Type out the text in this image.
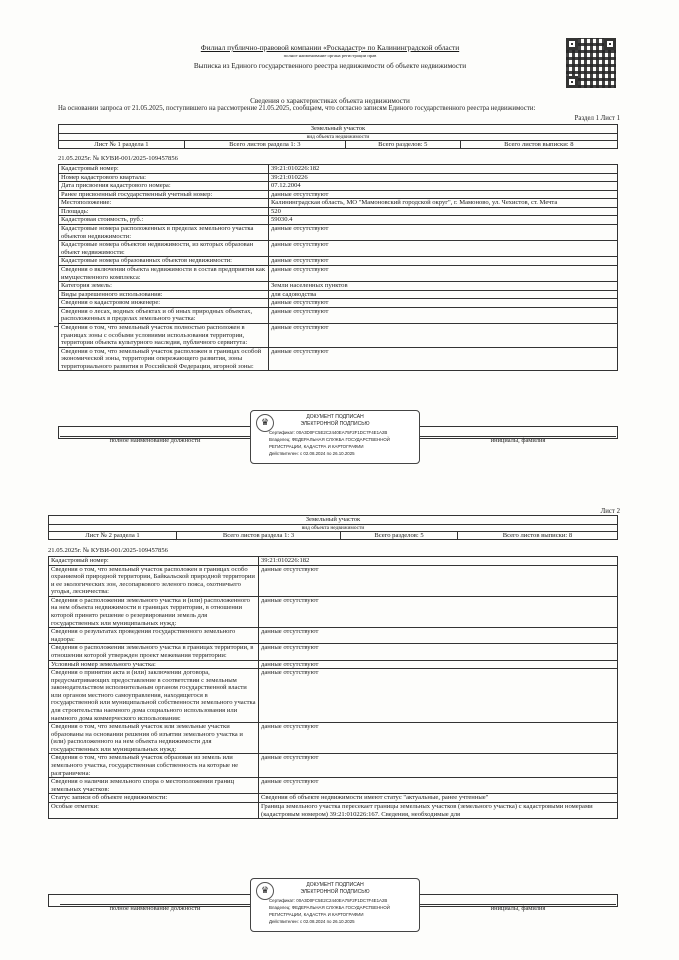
Филиал публично-правовой компании «Роскадастр» по Калининградской области
полное наименование органа регистрации прав
Выписка из Единого государственного реестра недвижимости об объекте недвижимости
Сведения о характеристиках объекта недвижимости
На основании запроса от 21.05.2025, поступившего на рассмотрение 21.05.2025, сообщаем, что согласно записям Единого государственного реестра недвижимости:
Раздел 1 Лист 1
Земельный участок
вид объекта недвижимости
Лист № 1 раздела 1	Всего листов раздела 1: 3	Всего разделов: 5	Всего листов выписки: 8
21.05.2025г. № КУВИ-001/2025-109457856
Кадастровый номер:	39:21:010226:182
Номер кадастрового квартала:	39:21:010226
Дата присвоения кадастрового номера:	07.12.2004
Ранее присвоенный государственный учетный номер:	данные отсутствуют
Местоположение:	Калининградская область, МО "Мамоновский городской округ", г. Мамоново, ул. Чехистов, ст. Мечта
Площадь:	520
Кадастровая стоимость, руб.:	59030.4
Кадастровые номера расположенных в пределах земельного участка объектов недвижимости:	данные отсутствуют
Кадастровые номера объектов недвижимости, из которых образован объект недвижимости:	данные отсутствуют
Кадастровые номера образованных объектов недвижимости:	данные отсутствуют
Сведения о включении объекта недвижимости в состав предприятия как имущественного комплекса:	данные отсутствуют
Категория земель:	Земли населенных пунктов
Виды разрешенного использования:	для садоводства
Сведения о кадастровом инженере:	данные отсутствуют
Сведения о лесах, водных объектах и об иных природных объектах, расположенных в пределах земельного участка:	данные отсутствуют
Сведения о том, что земельный участок полностью расположен в границах зоны с особыми условиями использования территории, территории объекта культурного наследия, публичного сервитута:	данные отсутствуют
Сведения о том, что земельный участок расположен в границах особой экономической зоны, территории опережающего развития, зоны территориального развития в Российской Федерации, игорной зоны:	данные отсутствуют
полное наименование должности	инициалы, фамилия
♛
ДОКУМЕНТ ПОДПИСАН
ЭЛЕКТРОННОЙ ПОДПИСЬЮ
Сертификат: 00A3D0FC5E2C2440EA75F2F1DC7F4E1A2B
Владелец: ФЕДЕРАЛЬНАЯ СЛУЖБА ГОСУДАРСТВЕННОЙ
РЕГИСТРАЦИИ, КАДАСТРА И КАРТОГРАФИИ
Действителен: с 02.08.2024 по 26.10.2025
Лист 2
Земельный участок
вид объекта недвижимости
Лист № 2 раздела 1	Всего листов раздела 1: 3	Всего разделов: 5	Всего листов выписки: 8
21.05.2025г. № КУВИ-001/2025-109457856
Кадастровый номер:	39:21:010226:182
Сведения о том, что земельный участок расположен в границах особо охраняемой природной территории, Байкальской природной территории и ее экологических зон, лесопаркового зеленого пояса, охотничьего угодья, лесничества:	данные отсутствуют
Сведения о расположении земельного участка и (или) расположенного на нем объекта недвижимости в границах территории, в отношении которой принято решение о резервировании земель для государственных или муниципальных нужд:	данные отсутствуют
Сведения о результатах проведения государственного земельного надзора:	данные отсутствуют
Сведения о расположении земельного участка в границах территории, в отношении которой утвержден проект межевания территории:	данные отсутствуют
Условный номер земельного участка:	данные отсутствуют
Сведения о принятии акта и (или) заключении договора, предусматривающих предоставление в соответствии с земельным законодательством исполнительным органом государственной власти или органом местного самоуправления, находящегося в государственной или муниципальной собственности земельного участка для строительства наемного дома социального использования или наемного дома коммерческого использования:	данные отсутствуют
Сведения о том, что земельный участок или земельные участки образованы на основании решения об изъятии земельного участка и (или) расположенного на нем объекта недвижимости для государственных или муниципальных нужд:	данные отсутствуют
Сведения о том, что земельный участок образован из земель или земельного участка, государственная собственность на которые не разграничена:	данные отсутствуют
Сведения о наличии земельного спора о местоположении границ земельных участков:	данные отсутствуют
Статус записи об объекте недвижимости:	Сведения об объекте недвижимости имеют статус "актуальные, ранее учтенные"
Особые отметки:	Граница земельного участка пересекает границы земельных участков (земельного участка) с кадастровыми номерами (кадастровым номером) 39:21:010226:167. Сведения, необходимые для
полное наименование должности	инициалы, фамилия
♛
ДОКУМЕНТ ПОДПИСАН
ЭЛЕКТРОННОЙ ПОДПИСЬЮ
Сертификат: 00A3D0FC5E2C2440EA75F2F1DC7F4E1A2B
Владелец: ФЕДЕРАЛЬНАЯ СЛУЖБА ГОСУДАРСТВЕННОЙ
РЕГИСТРАЦИИ, КАДАСТРА И КАРТОГРАФИИ
Действителен: с 02.08.2024 по 26.10.2025
